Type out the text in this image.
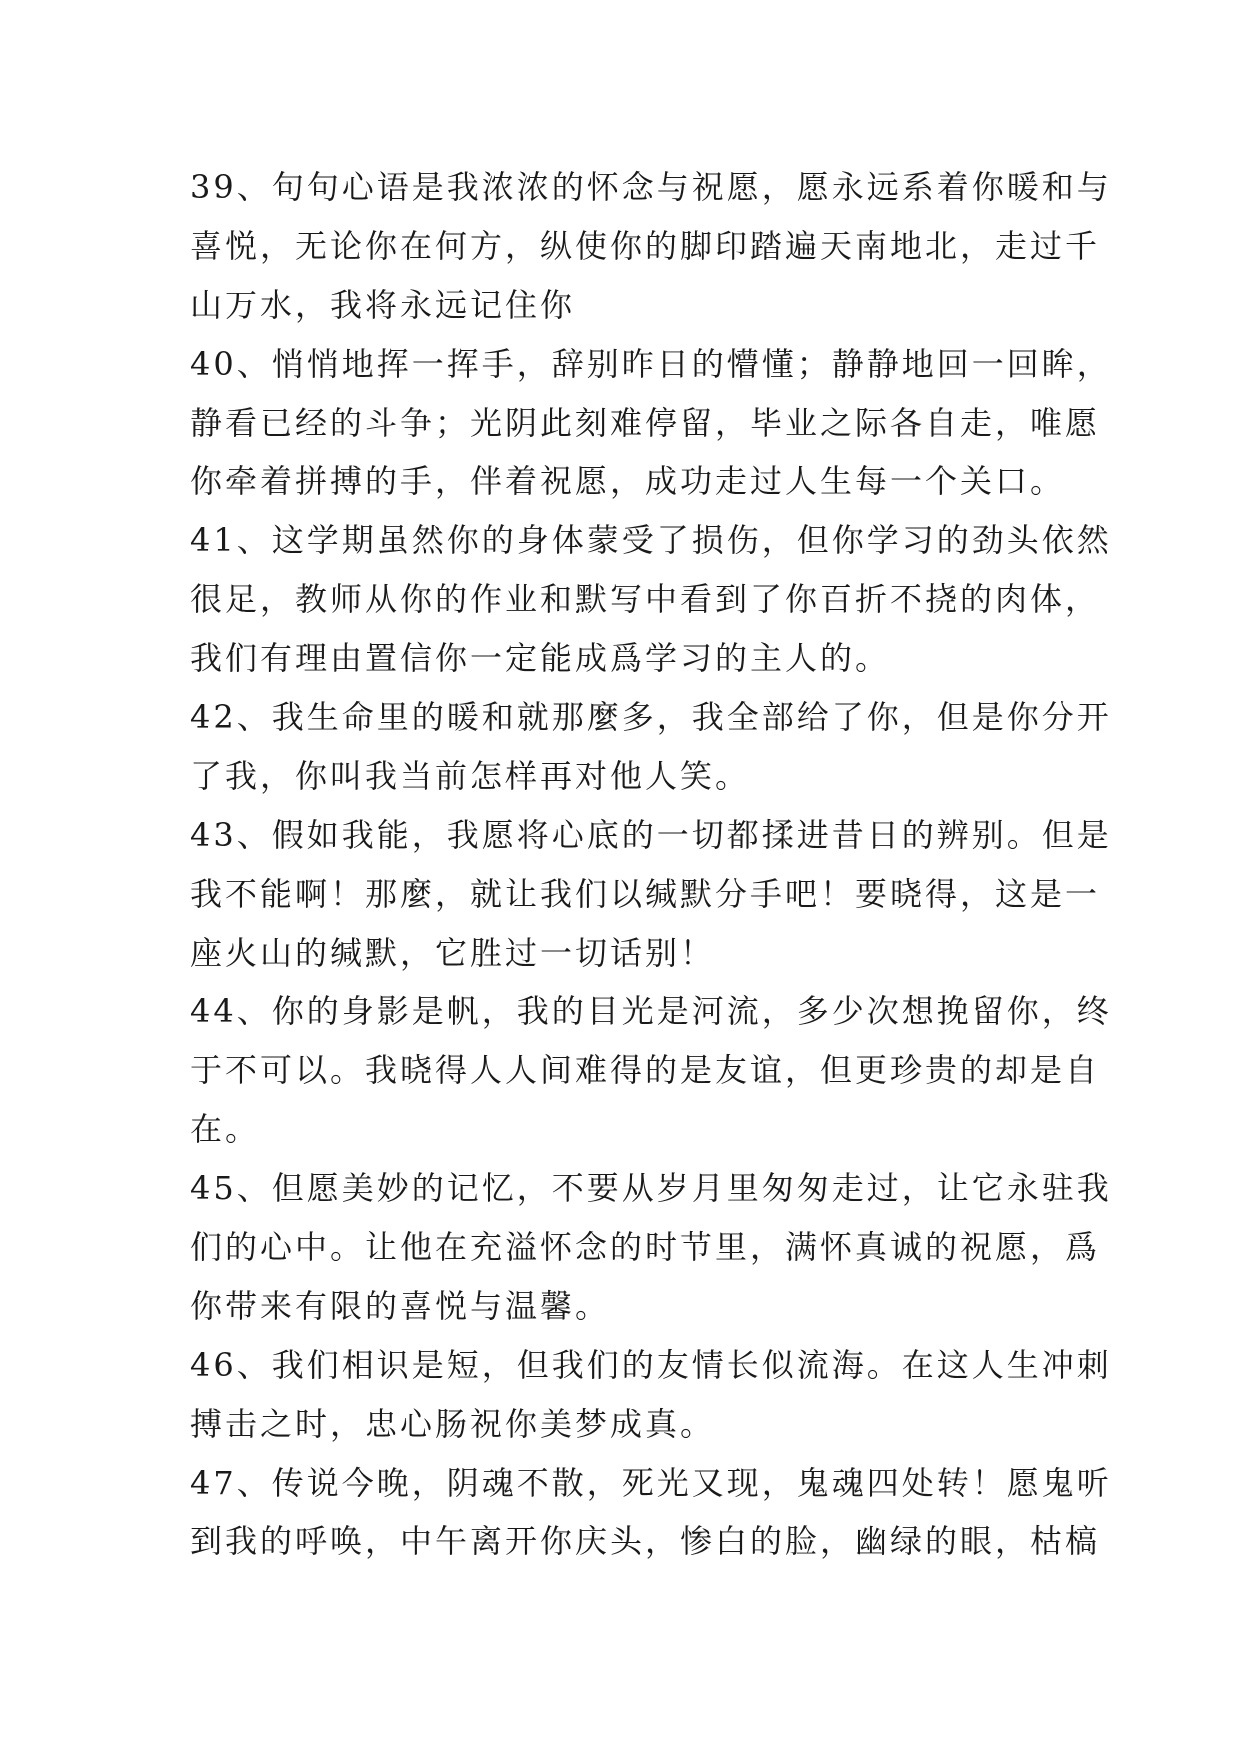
39、句句心语是我浓浓的怀念与祝愿，愿永远系着你暖和与
喜悦，无论你在何方，纵使你的脚印踏遍天南地北，走过千
山万水，我将永远记住你
40、悄悄地挥一挥手，辞别昨日的懵懂；静静地回一回眸，
静看已经的斗争；光阴此刻难停留，毕业之际各自走，唯愿
你牵着拼搏的手，伴着祝愿，成功走过人生每一个关口。
41、这学期虽然你的身体蒙受了损伤，但你学习的劲头依然
很足，教师从你的作业和默写中看到了你百折不挠的肉体，
我们有理由置信你一定能成爲学习的主人的。
42、我生命里的暖和就那麼多，我全部给了你，但是你分开
了我，你叫我当前怎样再对他人笑。
43、假如我能，我愿将心底的一切都揉进昔日的辨别。但是
我不能啊！那麼，就让我们以缄默分手吧！要晓得，这是一
座火山的缄默，它胜过一切话别！
44、你的身影是帆，我的目光是河流，多少次想挽留你，终
于不可以。我晓得人人间难得的是友谊，但更珍贵的却是自
在。
45、但愿美妙的记忆，不要从岁月里匆匆走过，让它永驻我
们的心中。让他在充溢怀念的时节里，满怀真诚的祝愿，爲
你带来有限的喜悦与温馨。
46、我们相识是短，但我们的友情长似流海。在这人生冲刺
搏击之时，忠心肠祝你美梦成真。
47、传说今晚，阴魂不散，死光又现，鬼魂四处转！愿鬼听
到我的呼唤，中午离开你庆头，惨白的脸，幽绿的眼，枯槁
